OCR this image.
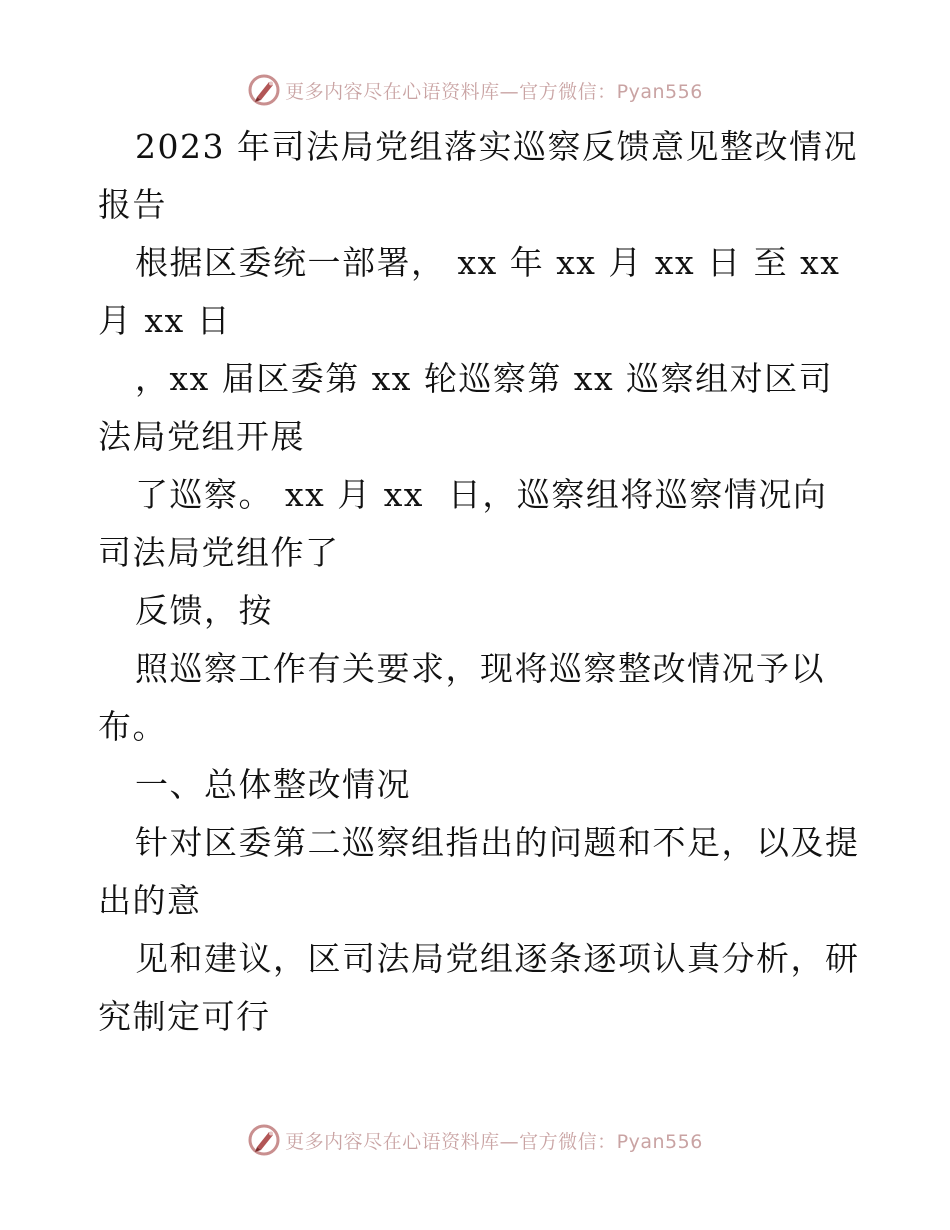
更多内容尽在心语资料库—官方微信：Pyan556
2023 年司法局党组落实巡察反馈意见整改情况
报告
根据区委统一部署， xx 年 xx 月 xx 日 至 xx
月 xx 日
，xx 届区委第 xx 轮巡察第 xx 巡察组对区司
法局党组开展
了巡察。 xx 月 xx  日，巡察组将巡察情况向
司法局党组作了
反馈，按
照巡察工作有关要求，现将巡察整改情况予以
布。
一、总体整改情况
针对区委第二巡察组指出的问题和不足，以及提
出的意
见和建议，区司法局党组逐条逐项认真分析，研
究制定可行
更多内容尽在心语资料库—官方微信：Pyan556
